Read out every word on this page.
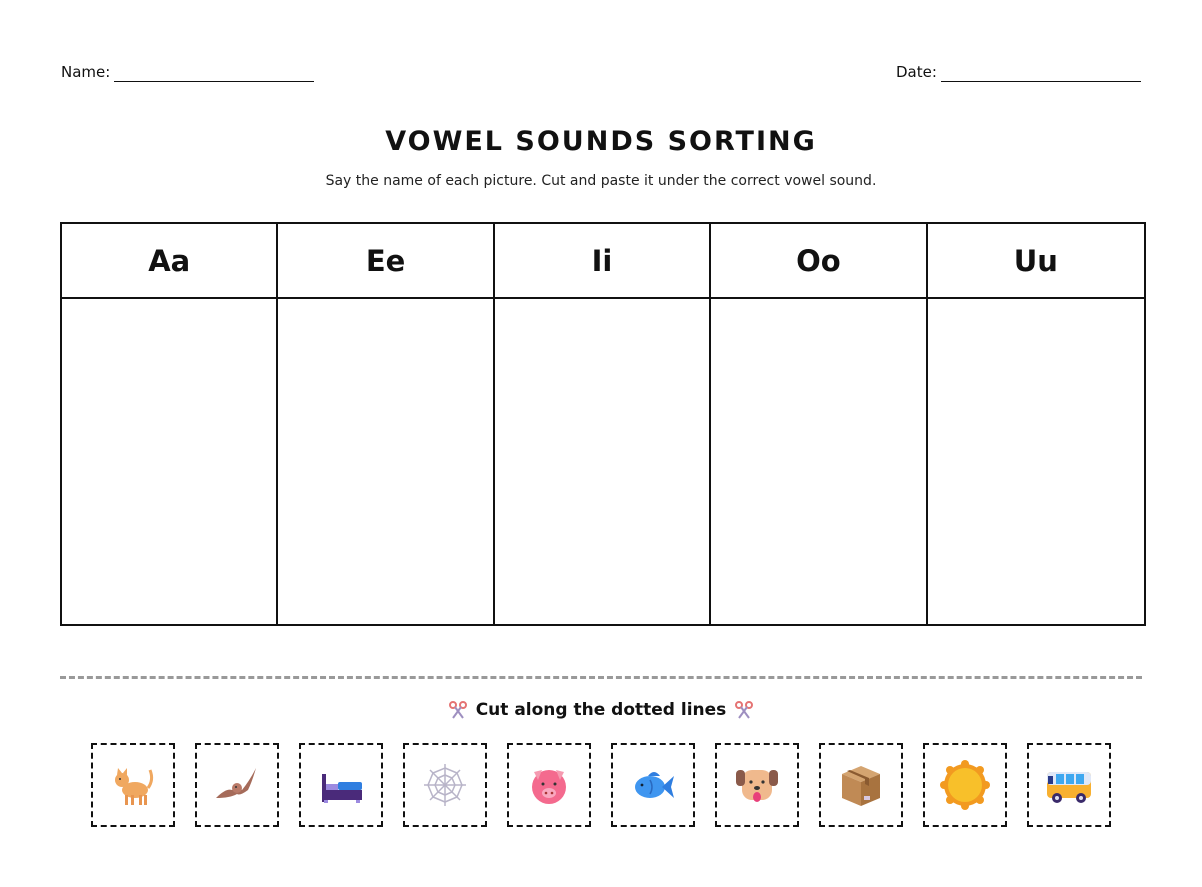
Name:	Date:
VOWEL SOUNDS SORTING

Say the name of each picture. Cut and paste it under the correct vowel sound.

Aa	Ee	Ii	Oo	Uu
Cut along the dotted lines
